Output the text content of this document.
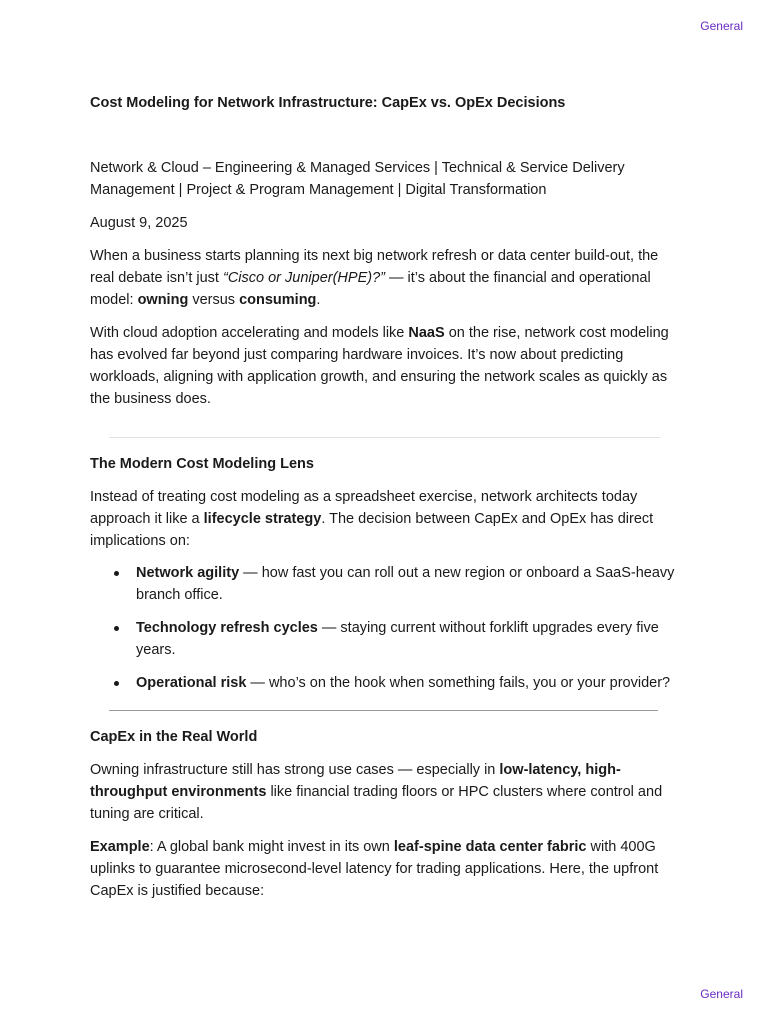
General
Cost Modeling for Network Infrastructure: CapEx vs. OpEx Decisions

Network & Cloud – Engineering & Managed Services | Technical & Service Delivery Management | Project & Program Management | Digital Transformation

August 9, 2025

When a business starts planning its next big network refresh or data center build-out, the real debate isn’t just “Cisco or Juniper(HPE)?” — it’s about the financial and operational model: owning versus consuming.

With cloud adoption accelerating and models like NaaS on the rise, network cost modeling has evolved far beyond just comparing hardware invoices. It’s now about predicting workloads, aligning with application growth, and ensuring the network scales as quickly as the business does.

The Modern Cost Modeling Lens

Instead of treating cost modeling as a spreadsheet exercise, network architects today approach it like a lifecycle strategy. The decision between CapEx and OpEx has direct implications on:

Network agility — how fast you can roll out a new region or onboard a SaaS-heavy branch office.
Technology refresh cycles — staying current without forklift upgrades every five years.
Operational risk — who’s on the hook when something fails, you or your provider?
CapEx in the Real World

Owning infrastructure still has strong use cases — especially in low-latency, high-throughput environments like financial trading floors or HPC clusters where control and tuning are critical.

Example: A global bank might invest in its own leaf-spine data center fabric with 400G uplinks to guarantee microsecond-level latency for trading applications. Here, the upfront CapEx is justified because:

General
